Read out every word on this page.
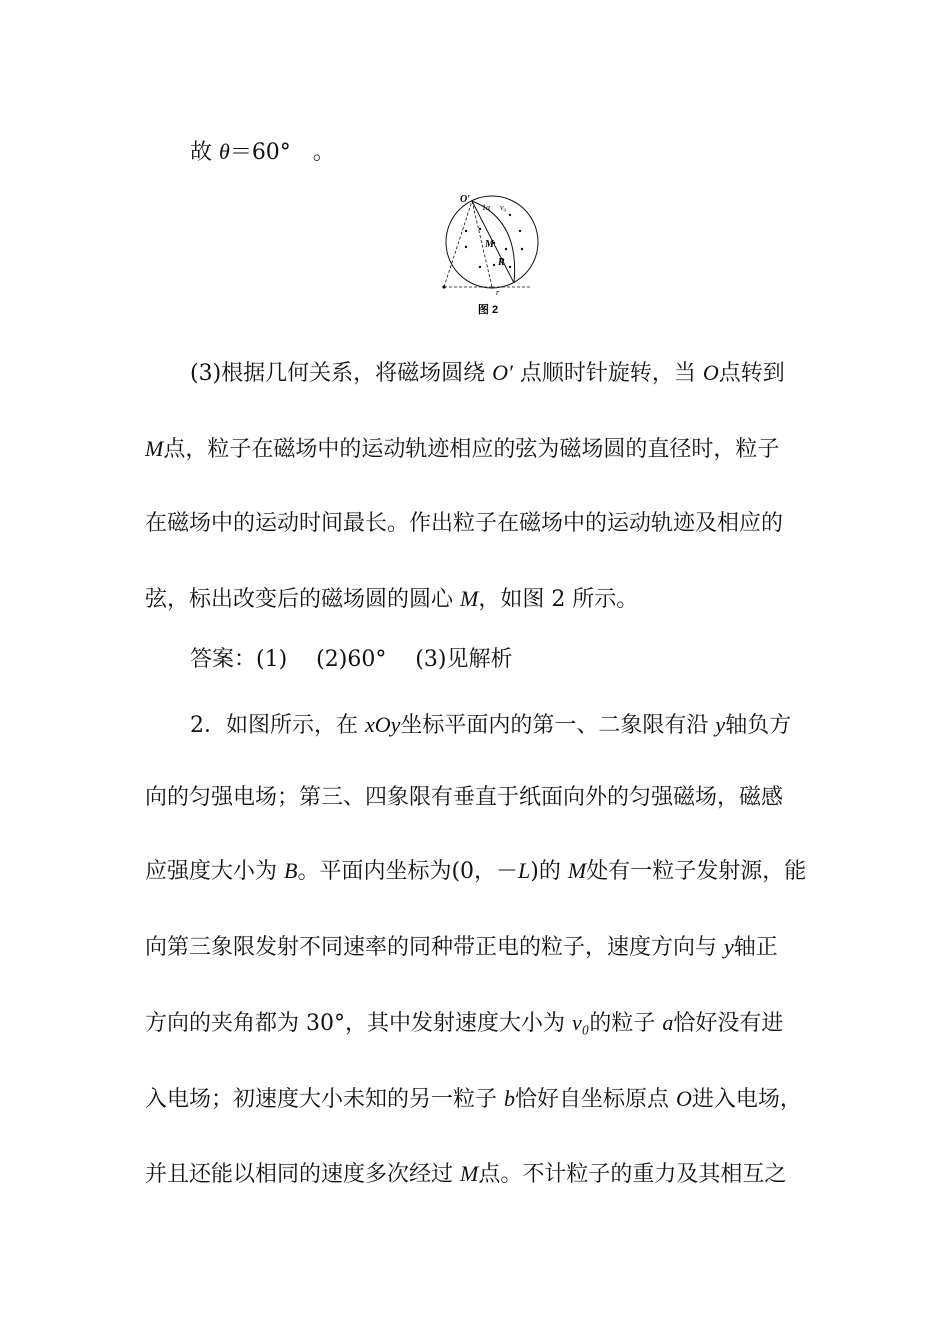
故 θ＝60°　。
O′
1α v₀
M
R
r
图 2
(3)根据几何关系，将磁场圆绕 O′ 点顺时针旋转，当 O点转到
M点，粒子在磁场中的运动轨迹相应的弦为磁场圆的直径时，粒子
在磁场中的运动时间最长。作出粒子在磁场中的运动轨迹及相应的
弦，标出改变后的磁场圆的圆心 M，如图 2 所示。
答案：(1)　 (2)60°　 (3)见解析
2．如图所示，在 xOy坐标平面内的第一、二象限有沿 y轴负方
向的匀强电场；第三、四象限有垂直于纸面向外的匀强磁场，磁感
应强度大小为 B。平面内坐标为(0，－L)的 M处有一粒子发射源，能
向第三象限发射不同速率的同种带正电的粒子，速度方向与 y轴正
方向的夹角都为 30°，其中发射速度大小为 v₀的粒子 a恰好没有进
入电场；初速度大小未知的另一粒子 b恰好自坐标原点 O进入电场，
并且还能以相同的速度多次经过 M点。不计粒子的重力及其相互之
